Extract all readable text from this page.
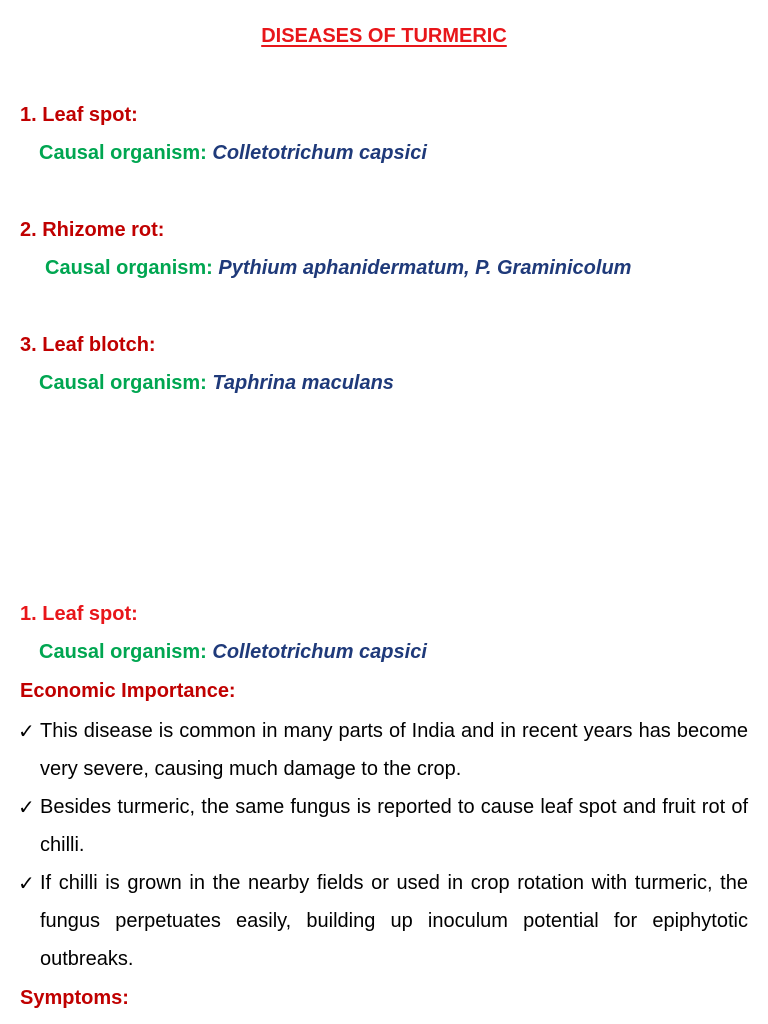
DISEASES OF TURMERIC
1. Leaf spot:
Causal organism: Colletotrichum capsici
2. Rhizome rot:
Causal organism: Pythium aphanidermatum, P. Graminicolum
3. Leaf blotch:
Causal organism: Taphrina maculans
1. Leaf spot:
Causal organism: Colletotrichum capsici
Economic Importance:

✓ This disease is common in many parts of India and in recent years has become very severe, causing much damage to the crop.

✓ Besides turmeric, the same fungus is reported to cause leaf spot and fruit rot of chilli.

✓ If chilli is grown in the nearby fields or used in crop rotation with turmeric, the fungus perpetuates easily, building up inoculum potential for epiphytotic outbreaks.

Symptoms:
